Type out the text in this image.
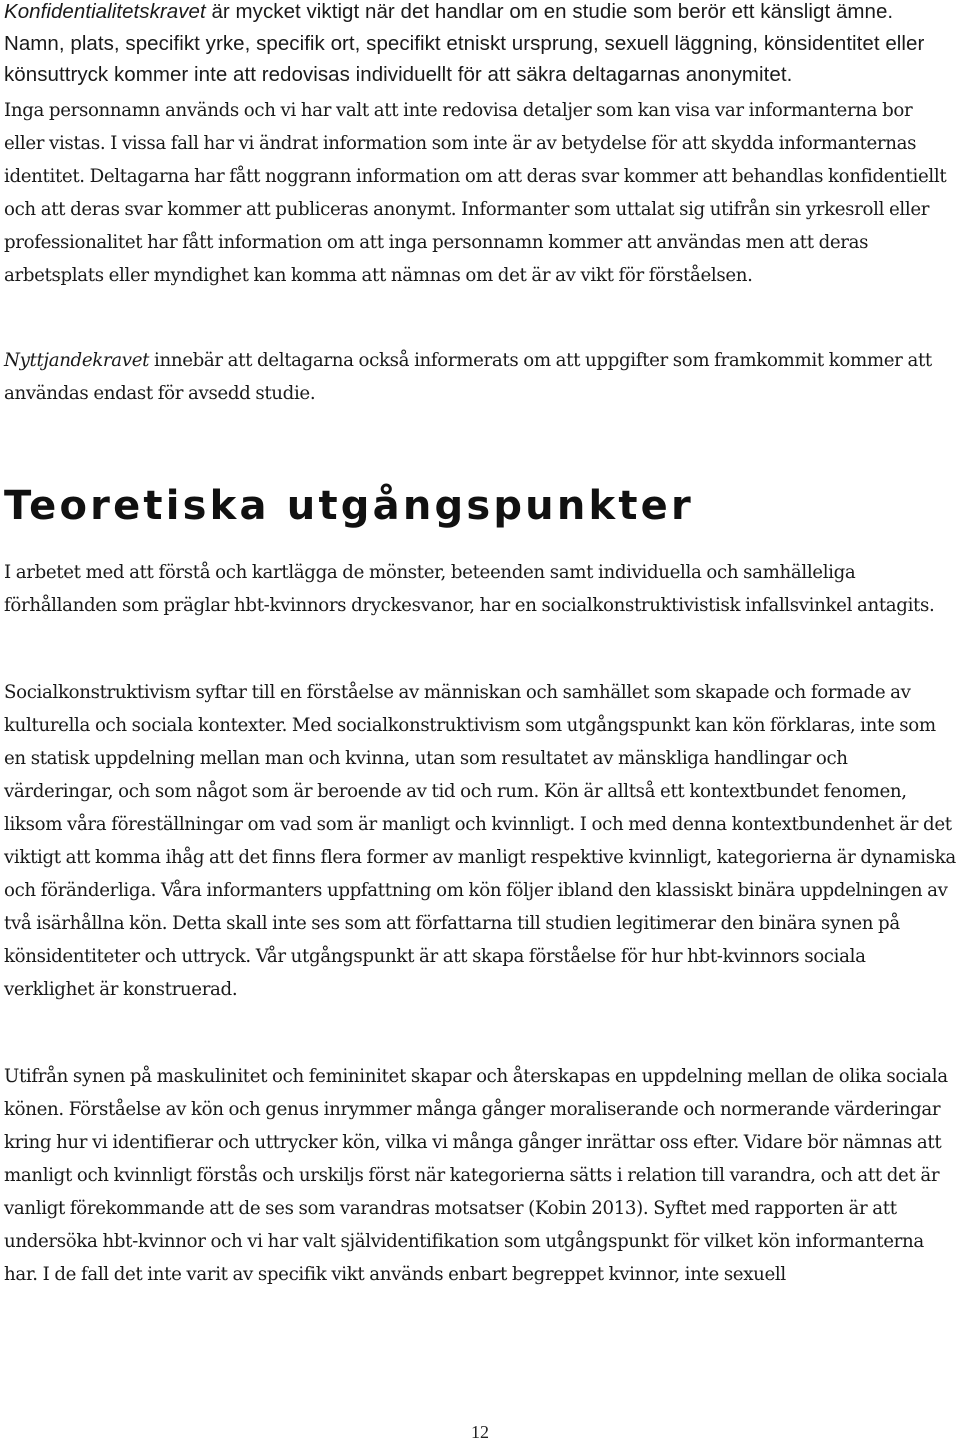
Konfidentialitetskravet är mycket viktigt när det handlar om en studie som berör ett känsligt ämne. Namn, plats, specifikt yrke, specifik ort, specifikt etniskt ursprung, sexuell läggning, könsidentitet eller könsuttryck kommer inte att redovisas individuellt för att säkra deltagarnas anonymitet.

Inga personnamn används och vi har valt att inte redovisa detaljer som kan visa var informanterna bor eller vistas. I vissa fall har vi ändrat information som inte är av betydelse för att skydda informanternas identitet. Deltagarna har fått noggrann information om att deras svar kommer att behandlas konfidentiellt och att deras svar kommer att publiceras anonymt. Informanter som uttalat sig utifrån sin yrkesroll eller professionalitet har fått information om att inga personnamn kommer att användas men att deras arbetsplats eller myndighet kan komma att nämnas om det är av vikt för förståelsen.

Nyttjandekravet innebär att deltagarna också informerats om att uppgifter som framkommit kommer att användas endast för avsedd studie.

Teoretiska utgångspunkter

I arbetet med att förstå och kartlägga de mönster, beteenden samt individuella och samhälleliga förhållanden som präglar hbt-kvinnors dryckesvanor, har en socialkonstruktivistisk infallsvinkel antagits.

Socialkonstruktivism syftar till en förståelse av människan och samhället som skapade och formade av kulturella och sociala kontexter. Med socialkonstruktivism som utgångspunkt kan kön förklaras, inte som en statisk uppdelning mellan man och kvinna, utan som resultatet av mänskliga handlingar och värderingar, och som något som är beroende av tid och rum. Kön är alltså ett kontextbundet fenomen, liksom våra föreställningar om vad som är manligt och kvinnligt. I och med denna kontextbundenhet är det viktigt att komma ihåg att det finns flera former av manligt respektive kvinnligt, kategorierna är dynamiska och föränderliga. Våra informanters uppfattning om kön följer ibland den klassiskt binära uppdelningen av två isärhållna kön. Detta skall inte ses som att författarna till studien legitimerar den binära synen på könsidentiteter och uttryck. Vår utgångspunkt är att skapa förståelse för hur hbt-kvinnors sociala verklighet är konstruerad.

Utifrån synen på maskulinitet och femininitet skapar och återskapas en uppdelning mellan de olika sociala könen. Förståelse av kön och genus inrymmer många gånger moraliserande och normerande värderingar kring hur vi identifierar och uttrycker kön, vilka vi många gånger inrättar oss efter. Vidare bör nämnas att manligt och kvinnligt förstås och urskiljs först när kategorierna sätts i relation till varandra, och att det är vanligt förekommande att de ses som varandras motsatser (Kobin 2013). Syftet med rapporten är att undersöka hbt-kvinnor och vi har valt självidentifikation som utgångspunkt för vilket kön informanterna har. I de fall det inte varit av specifik vikt används enbart begreppet kvinnor, inte sexuell

12
